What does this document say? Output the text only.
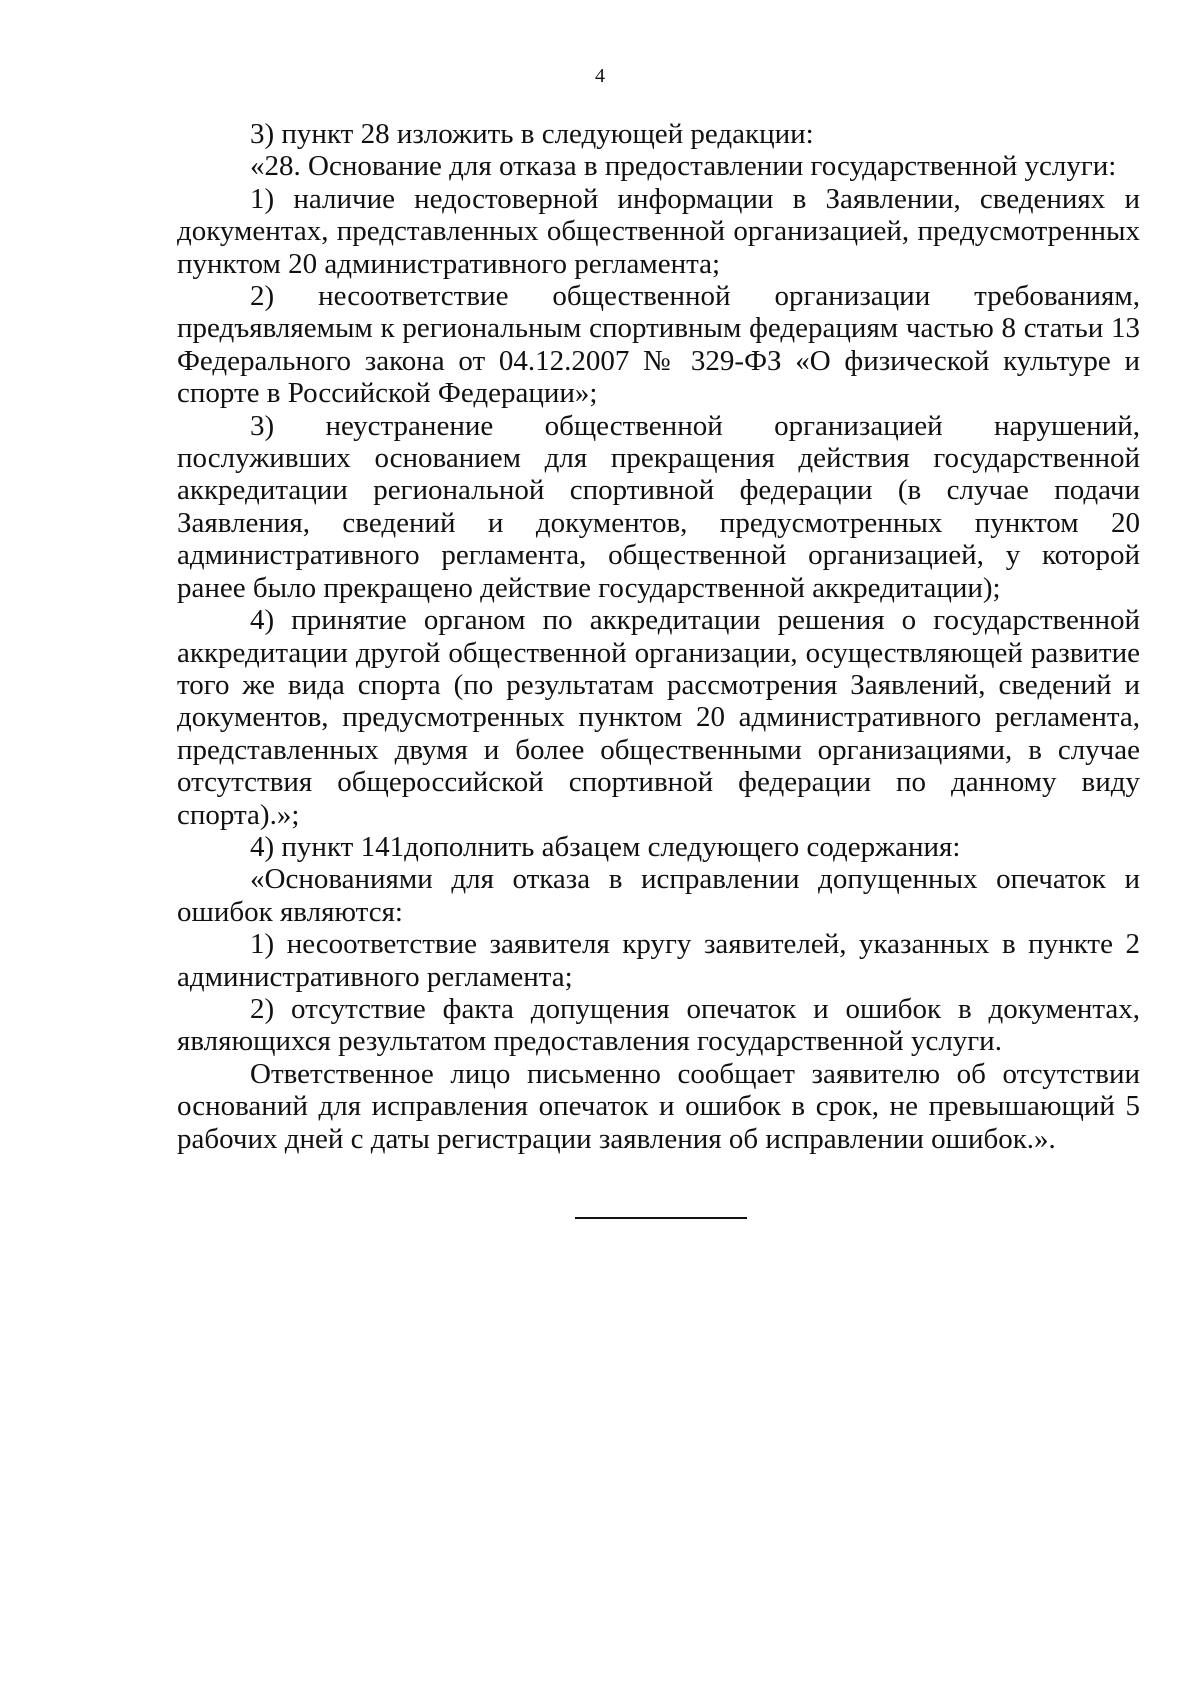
4

3) пункт 28 изложить в следующей редакции:

«28. Основание для отказа в предоставлении государственной услуги:

1) наличие недостоверной информации в Заявлении, сведениях и документах, представленных общественной организацией, предусмотренных пунктом 20 административного регламента;

2) несоответствие общественной организации требованиям, предъявляемым к региональным спортивным федерациям частью 8 статьи 13 Федерального закона от 04.12.2007 № 329-ФЗ «О физической культуре и спорте в Российской Федерации»;

3) неустранение общественной организацией нарушений, послуживших основанием для прекращения действия государственной аккредитации региональной спортивной федерации (в случае подачи Заявления, сведений и документов, предусмотренных пунктом 20 административного регламента, общественной организацией, у которой ранее было прекращено действие государственной аккредитации);

4) принятие органом по аккредитации решения о государственной аккредитации другой общественной организации, осуществляющей развитие того же вида спорта (по результатам рассмотрения Заявлений, сведений и документов, предусмотренных пунктом 20 административного регламента, представленных двумя и более общественными организациями, в случае отсутствия общероссийской спортивной федерации по данному виду спорта).»;

4) пункт 141дополнить абзацем следующего содержания:

«Основаниями для отказа в исправлении допущенных опечаток и ошибок являются:

1) несоответствие заявителя кругу заявителей, указанных в пункте 2 административного регламента;

2) отсутствие факта допущения опечаток и ошибок в документах, являющихся результатом предоставления государственной услуги.

Ответственное лицо письменно сообщает заявителю об отсутствии оснований для исправления опечаток и ошибок в срок, не превышающий 5 рабочих дней с даты регистрации заявления об исправлении ошибок.».
